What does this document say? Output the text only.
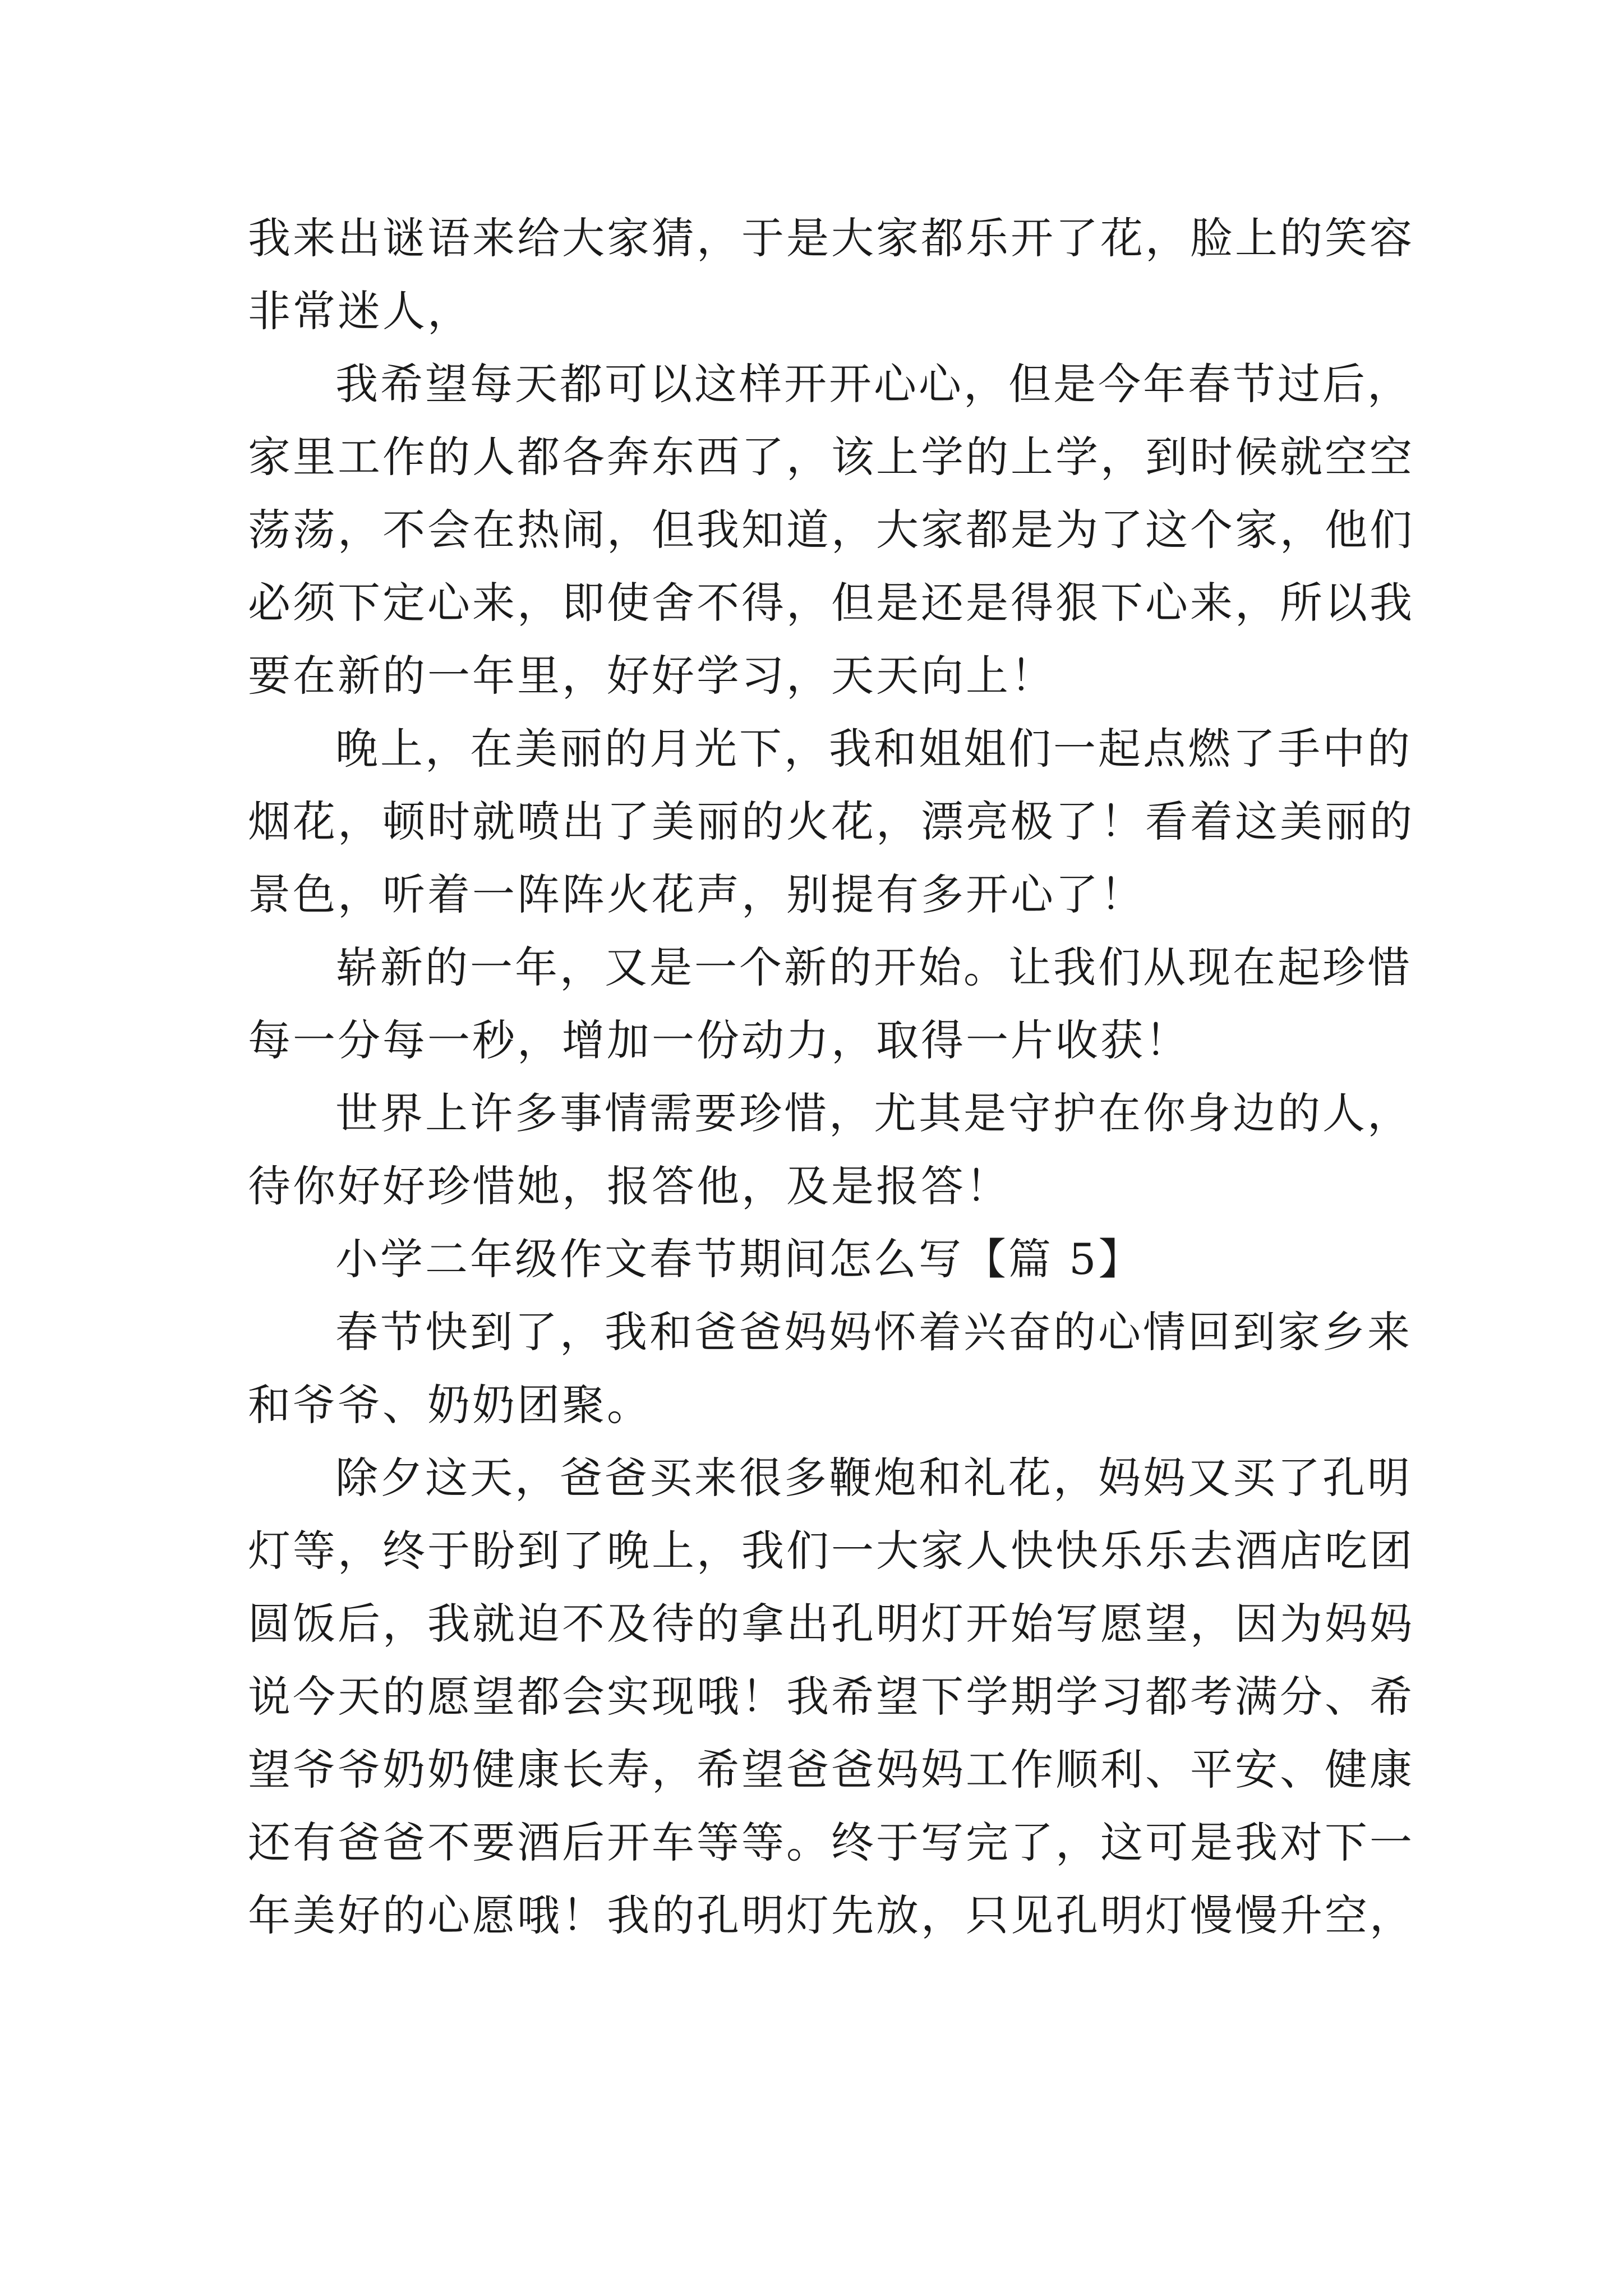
我来出谜语来给大家猜，于是大家都乐开了花，脸上的笑容
非常迷人，
我希望每天都可以这样开开心心，但是今年春节过后，
家里工作的人都各奔东西了，该上学的上学，到时候就空空
荡荡，不会在热闹，但我知道，大家都是为了这个家，他们
必须下定心来，即使舍不得，但是还是得狠下心来，所以我
要在新的一年里，好好学习，天天向上！
晚上，在美丽的月光下，我和姐姐们一起点燃了手中的
烟花，顿时就喷出了美丽的火花，漂亮极了！看着这美丽的
景色，听着一阵阵火花声，别提有多开心了！
崭新的一年，又是一个新的开始。让我们从现在起珍惜
每一分每一秒，增加一份动力，取得一片收获！
世界上许多事情需要珍惜，尤其是守护在你身边的人，
待你好好珍惜她，报答他，及是报答！
小学二年级作文春节期间怎么写【篇 5】
春节快到了，我和爸爸妈妈怀着兴奋的心情回到家乡来
和爷爷、奶奶团聚。
除夕这天，爸爸买来很多鞭炮和礼花，妈妈又买了孔明
灯等，终于盼到了晚上，我们一大家人快快乐乐去酒店吃团
圆饭后，我就迫不及待的拿出孔明灯开始写愿望，因为妈妈
说今天的愿望都会实现哦！我希望下学期学习都考满分、希
望爷爷奶奶健康长寿，希望爸爸妈妈工作顺利、平安、健康
还有爸爸不要酒后开车等等。终于写完了，这可是我对下一
年美好的心愿哦！我的孔明灯先放，只见孔明灯慢慢升空，
